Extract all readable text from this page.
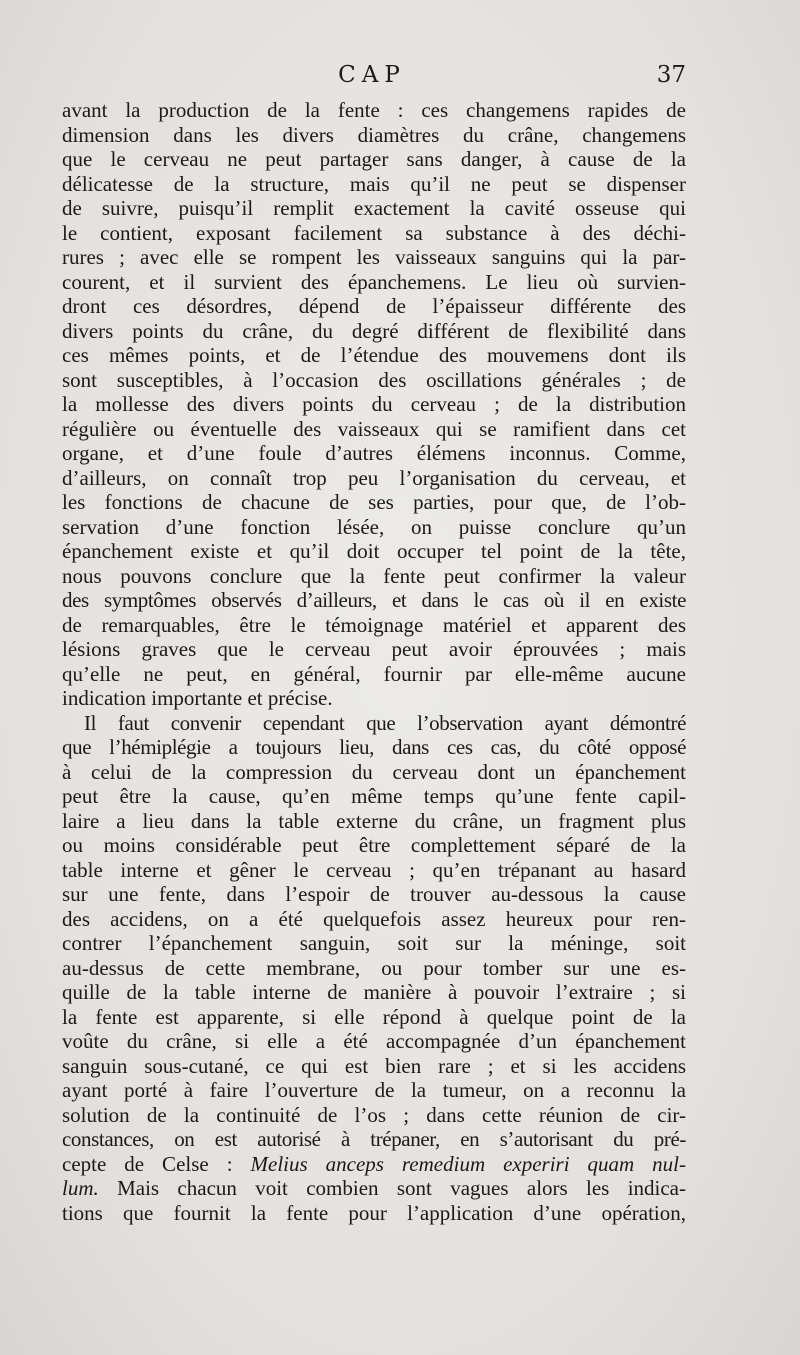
CAP	37
avant la production de la fente : ces changemens rapides de
dimension dans les divers diamètres du crâne, changemens
que le cerveau ne peut partager sans danger, à cause de la
délicatesse de la structure, mais qu’il ne peut se dispenser
de suivre, puisqu’il remplit exactement la cavité osseuse qui
le contient, exposant facilement sa substance à des déchi-
rures ; avec elle se rompent les vaisseaux sanguins qui la par-
courent, et il survient des épanchemens. Le lieu où survien-
dront ces désordres, dépend de l’épaisseur différente des
divers points du crâne, du degré différent de flexibilité dans
ces mêmes points, et de l’étendue des mouvemens dont ils
sont susceptibles, à l’occasion des oscillations générales ; de
la mollesse des divers points du cerveau ; de la distribution
régulière ou éventuelle des vaisseaux qui se ramifient dans cet
organe, et d’une foule d’autres élémens inconnus. Comme,
d’ailleurs, on connaît trop peu l’organisation du cerveau, et
les fonctions de chacune de ses parties, pour que, de l’ob-
servation d’une fonction lésée, on puisse conclure qu’un
épanchement existe et qu’il doit occuper tel point de la tête,
nous pouvons conclure que la fente peut confirmer la valeur
des symptômes observés d’ailleurs, et dans le cas où il en existe
de remarquables, être le témoignage matériel et apparent des
lésions graves que le cerveau peut avoir éprouvées ; mais
qu’elle ne peut, en général, fournir par elle-même aucune
indication importante et précise.
Il faut convenir cependant que l’observation ayant démontré
que l’hémiplégie a toujours lieu, dans ces cas, du côté opposé
à celui de la compression du cerveau dont un épanchement
peut être la cause, qu’en même temps qu’une fente capil-
laire a lieu dans la table externe du crâne, un fragment plus
ou moins considérable peut être complettement séparé de la
table interne et gêner le cerveau ; qu’en trépanant au hasard
sur une fente, dans l’espoir de trouver au-dessous la cause
des accidens, on a été quelquefois assez heureux pour ren-
contrer l’épanchement sanguin, soit sur la méninge, soit
au-dessus de cette membrane, ou pour tomber sur une es-
quille de la table interne de manière à pouvoir l’extraire ; si
la fente est apparente, si elle répond à quelque point de la
voûte du crâne, si elle a été accompagnée d’un épanchement
sanguin sous-cutané, ce qui est bien rare ; et si les accidens
ayant porté à faire l’ouverture de la tumeur, on a reconnu la
solution de la continuité de l’os ; dans cette réunion de cir-
constances, on est autorisé à trépaner, en s’autorisant du pré-
cepte de Celse : Melius anceps remedium experiri quam nul-
lum. Mais chacun voit combien sont vagues alors les indica-
tions que fournit la fente pour l’application d’une opération,
